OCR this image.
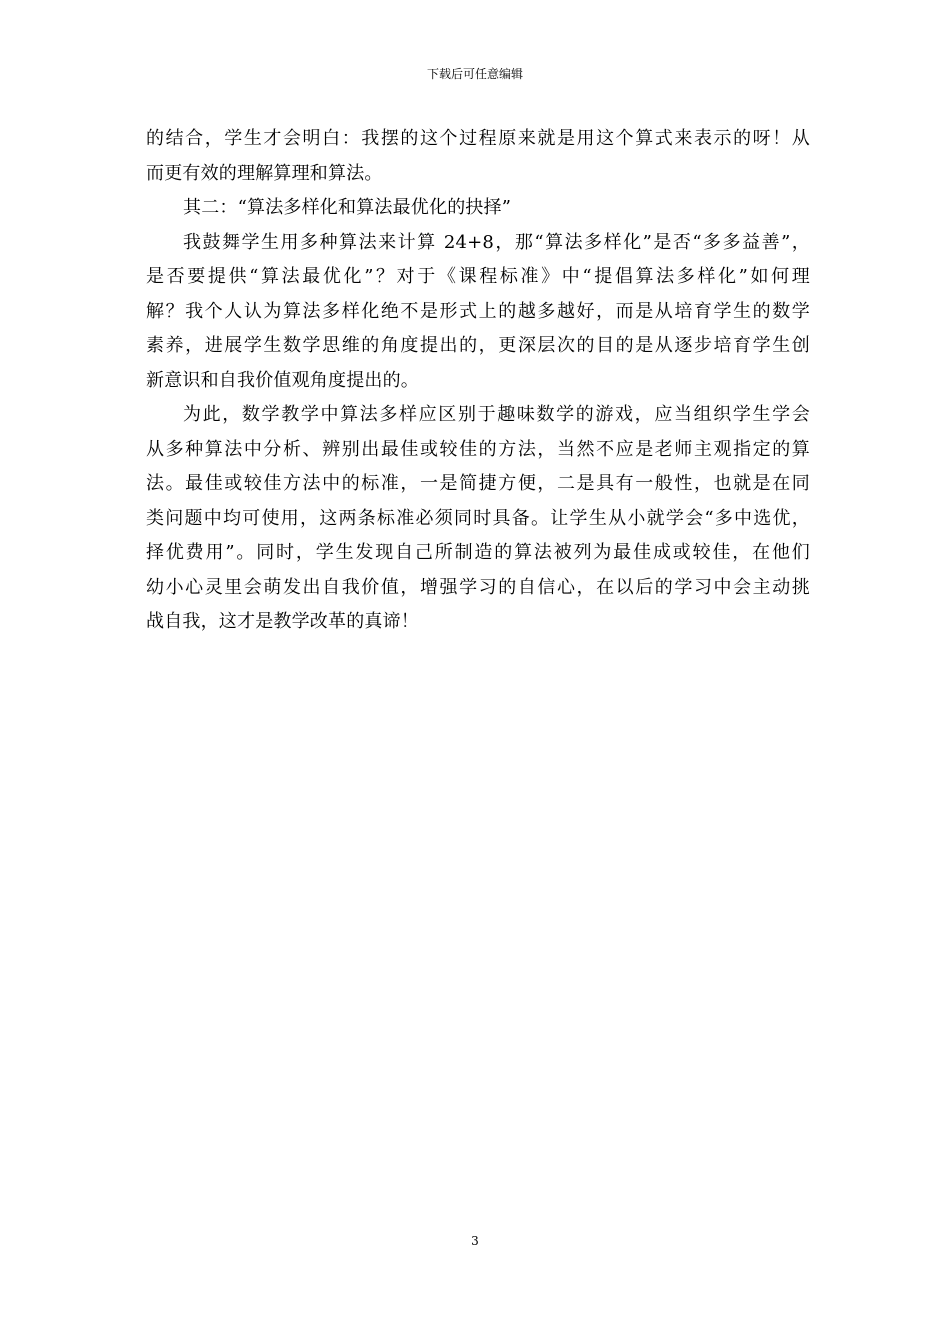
下载后可任意编辑
的结合，学生才会明白：我摆的这个过程原来就是用这个算式来表示的呀！从
而更有效的理解算理和算法。
其二：“算法多样化和算法最优化的抉择”
我鼓舞学生用多种算法来计算 24+8，那“算法多样化”是否“多多益善”，
是否要提供“算法最优化”？对于《课程标准》中“提倡算法多样化”如何理
解？我个人认为算法多样化绝不是形式上的越多越好，而是从培育学生的数学
素养，进展学生数学思维的角度提出的，更深层次的目的是从逐步培育学生创
新意识和自我价值观角度提出的。
为此，数学教学中算法多样应区别于趣味数学的游戏，应当组织学生学会
从多种算法中分析、辨别出最佳或较佳的方法，当然不应是老师主观指定的算
法。最佳或较佳方法中的标准，一是简捷方便，二是具有一般性，也就是在同
类问题中均可使用，这两条标准必须同时具备。让学生从小就学会“多中选优，
择优费用”。同时，学生发现自己所制造的算法被列为最佳成或较佳，在他们
幼小心灵里会萌发出自我价值，增强学习的自信心，在以后的学习中会主动挑
战自我，这才是教学改革的真谛！
3
